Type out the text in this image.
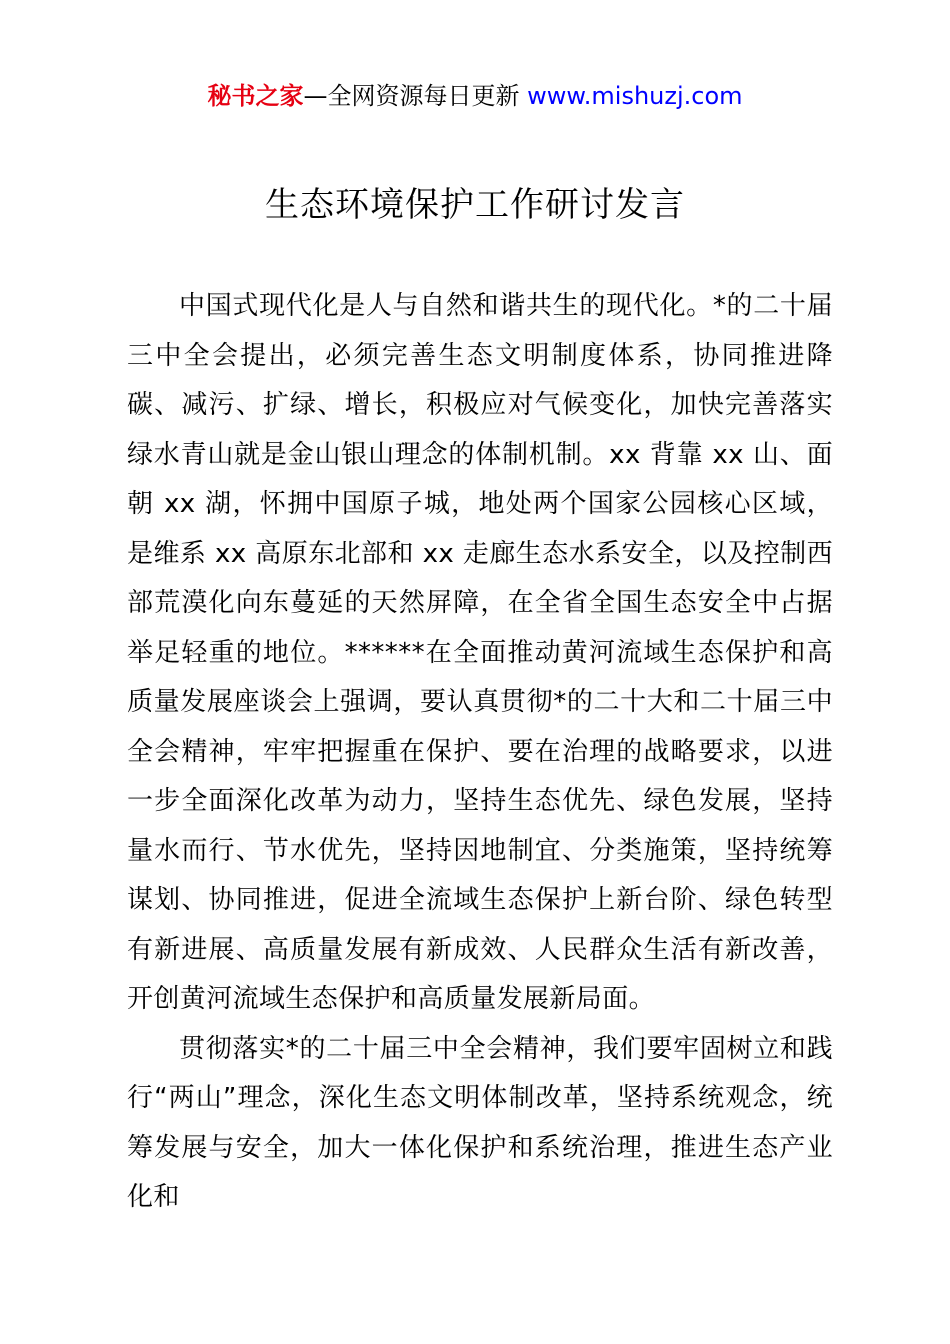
秘书之家—全网资源每日更新 www.mishuzj.com
生态环境保护工作研讨发言

中国式现代化是人与自然和谐共生的现代化。*的二十届三中全会提出，必须完善生态文明制度体系，协同推进降碳、减污、扩绿、增长，积极应对气候变化，加快完善落实绿水青山就是金山银山理念的体制机制。xx 背靠 xx 山、面朝 xx 湖，怀拥中国原子城，地处两个国家公园核心区域，是维系 xx 高原东北部和 xx 走廊生态水系安全，以及控制西部荒漠化向东蔓延的天然屏障，在全省全国生态安全中占据举足轻重的地位。******在全面推动黄河流域生态保护和高质量发展座谈会上强调，要认真贯彻*的二十大和二十届三中全会精神，牢牢把握重在保护、要在治理的战略要求，以进一步全面深化改革为动力，坚持生态优先、绿色发展，坚持量水而行、节水优先，坚持因地制宜、分类施策，坚持统筹谋划、协同推进，促进全流域生态保护上新台阶、绿色转型有新进展、高质量发展有新成效、人民群众生活有新改善，开创黄河流域生态保护和高质量发展新局面。

贯彻落实*的二十届三中全会精神，我们要牢固树立和践行“两山”理念，深化生态文明体制改革，坚持系统观念，统筹发展与安全，加大一体化保护和系统治理，推进生态产业化和
